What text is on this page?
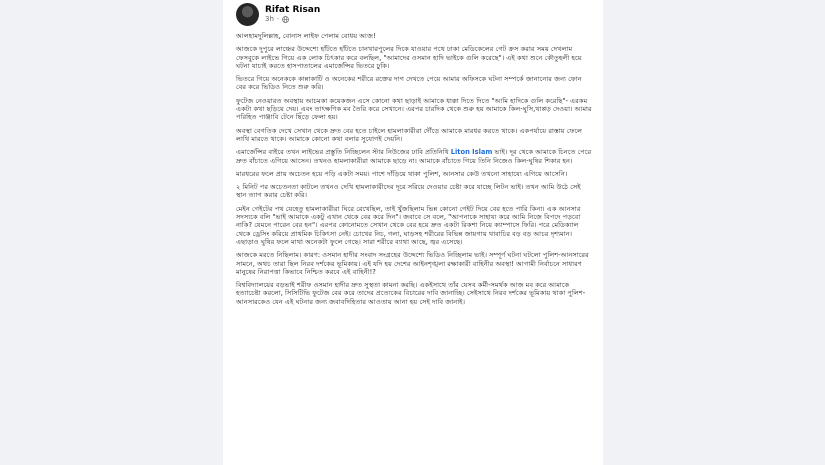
Rifat Risan
3h ·

আলহামদুলিল্লাহ, বোনাস লাইফ পেলাম বোধয় আজ!

আজকে দুপুরে লাঞ্চের উদ্দেশ্যে হাঁটতে হাঁটতে চানখারপুলের দিকে যাওয়ার পথে ঢাকা মেডিকেলের গেট ক্রস করার সময় দেখলাম ফেসবুকে লাইভে গিয়ে এক লোক চিৎকার করে বলছিল, "আমাদের ওসমান হাদি ভাইকে গুলি করেছে"। এই কথা শুনে কৌতুহলী হয়ে ঘটনা যাচাই করতে হাসপাতালের এমার্জেন্সির ভিতরে ঢুকি।

ভিতরে গিয়ে অনেককে কান্নাকাটি ও অনেকের শরীরে রক্তের দাগ দেখতে পেয়ে আমার অফিসকে ঘটনা সম্পর্কে জানানোর জন্য ফোন বের করে ভিডিও নিতে শুরু করি।

ফুটেজ নেওয়ারত অবস্থায় আচমকা কয়েকজন এসে কোনো কথা ছাড়াই আমাকে ধাক্কা দিতে দিতে "আমি হাদিকে গুলি করেছি"- এরকম একটা কথা ছড়িয়ে দেয়। এবং তাৎক্ষণিক মব তৈরি করে সেখানে। এরপর চারদিক থেকে শুরু হয় আমাকে কিল-ঘুসি,থাপ্পড় দেওয়া। আমার পরিহিত পাঞ্জাবি টেনে ছিঁড়ে ফেলা হয়।

অবস্থা বেগতিক দেখে সেখান থেকে দ্রুত বের হতে চাইলে হামলাকারীরা দৌঁড়ে আমাকে মারধর করতে থাকে। একপর্যায়ে রাস্তায় ফেলে লাথি মারতে থাকে। আমাকে কোনো কথা বলার সুযোগই দেয়নি।

এমার্জেন্সির বাইরে তখন লাইভের প্রস্তুতি নিচ্ছিলেন স্টার নিউজের ঢাবি প্রতিনিধি Liton Islam ভাই। দূর থেকে আমাকে চিনতে পেরে দ্রুত বাঁচাতে এগিয়ে আসেন। তখনও হামলাকারীরা আমাকে ছাড়ে না। আমাকে বাঁচাতে গিয়ে তিনি নিজেও কিল-ঘুষির শিকার হন।

মারধরের ফলে প্রায় অচেতন হয়ে পড়ি একটা সময়। পাশে দাঁড়িয়ে থাকা পুলিশ, আনসার কেউ তখনো সাহায্যে এগিয়ে আসেনি।

২ মিনিট পর অচেতনতা কাটলে তখনও দেখি হামলাকারীদের দূরে সরিয়ে দেওয়ার চেষ্টা করে যাচ্ছে লিটন ভাই। তখন আমি উঠে সেই স্থান ত্যাগ করার চেষ্টা করি।

মেইন গেইটের পথ যেহেতু হামলাকারীরা ঘিরে রেখেছিল, তাই খুঁজছিলাম ভিন্ন কোনো গেইট দিয়ে বের হতে পারি কিনা। এক আনসার সদস্যকে বলি "ভাই আমাকে একটু এখান থেকে বের করে দিন"। জবাবে সে বলে, "আপনাকে সাহায্য করে আমি নিজে বিপদে পড়বো নাকি? যেমনে পারেন বের হন"। এরপর কোনোমতে সেখান থেকে বের হয়ে দ্রুত একটা রিকশা নিয়ে ক্যাম্পাসে ফিরি। পরে মেডিক্যাল থেকে ড্রেসিং করিয়ে প্রাথমিক চিকিৎসা নেই। চোখের নিচ, গলা, ঘাড়সহ শরীরের বিভিন্ন জায়গায় থাবাচির বড় বড় আচর দৃশ্যমান। এছাড়াও ঘুষির ফলে মাথা অনেকটা ফুলে গেছে। সারা শরীরে ব্যাথা আছে, জ্বর এসেছে।

আজকে মরতে নিছিলাম। কারণ: ওসমান হাদীর সংবাদ সংগ্রহের উদ্দেশ্যে ভিডিও নিচ্ছিলাম ভাই। সম্পূর্ণ ঘটনা ঘটলো পুলিশ-আনসারের সামনে, অথচ তারা ছিল নিরব দর্শকের ভূমিকায়। এই যদি হয় দেশের আইনশৃঙ্খলা রক্ষাকারী বাহিনীর অবস্থা! আগামী নির্বাচনে সাধারণ মানুষের নিরাপত্তা কিভাবে নিশ্চিত করবে এই বাহিনী!?

বিশ্ববিদ্যালয়ের বড়ভাই শরীফ ওসমান হাদীর দ্রুত সুস্থতা কামনা করছি। একইসাথে তাঁর যেসব কর্মী-সমর্থক আজ মব করে আমাকে হত্যাচেষ্টা করলো, সিসিটিভি ফুটেজ বের করে তাদের প্রত্যেকের বিচারের দাবি জানাচ্ছি। সেইসাথে নিরব দর্শকের ভূমিকায় থাকা পুলিশ-আনসারকেও যেন এই ঘটনার জন্য জবাবদিহিতার আওতায় আনা হয় সেই দাবি জানাই।
